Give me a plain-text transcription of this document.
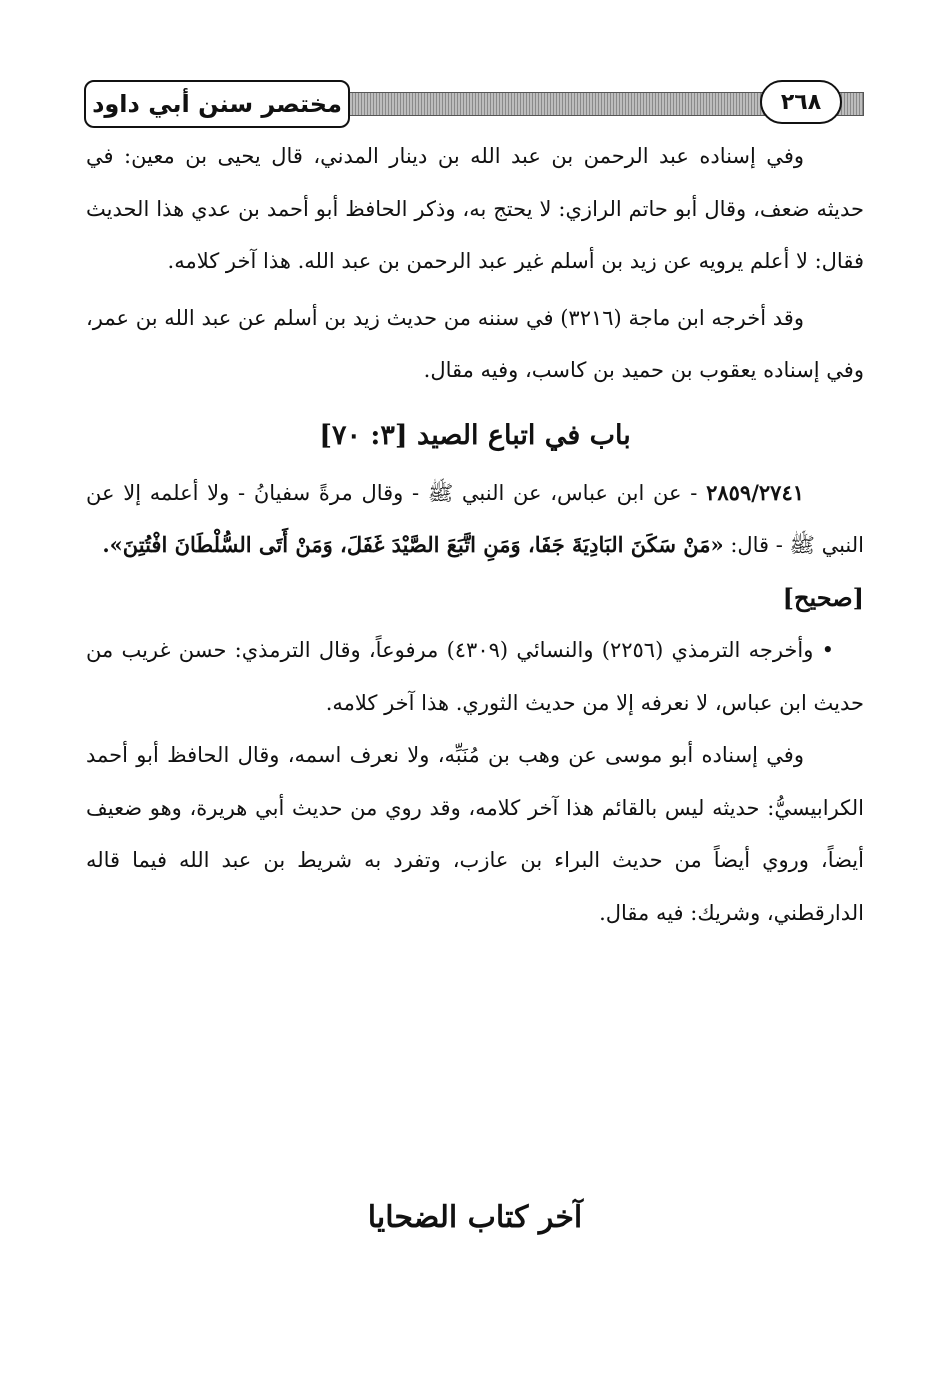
مختصر سنن أبي داود	٢٦٨

وفي إسناده عبد الرحمن بن عبد الله بن دينار المدني، قال يحيى بن معين: في حديثه ضعف، وقال أبو حاتم الرازي: لا يحتج به، وذكر الحافظ أبو أحمد بن عدي هذا الحديث فقال: لا أعلم يرويه عن زيد بن أسلم غير عبد الرحمن بن عبد الله. هذا آخر كلامه.

وقد أخرجه ابن ماجة (٣٢١٦) في سننه من حديث زيد بن أسلم عن عبد الله بن عمر، وفي إسناده يعقوب بن حميد بن كاسب، وفيه مقال.

باب في اتباع الصيد [٣: ٧٠]

٢٨٥٩/٢٧٤١ - عن ابن عباس، عن النبي ﷺ - وقال مرةً سفيانُ - ولا أعلمه إلا عن النبي ﷺ - قال: «مَنْ سَكَنَ البَادِيَةَ جَفَا، وَمَنِ اتَّبَعَ الصَّيْدَ غَفَلَ، وَمَنْ أَتَى السُّلْطَانَ افْتُتِنَ».

[صحيح]

• وأخرجه الترمذي (٢٢٥٦) والنسائي (٤٣٠٩) مرفوعاً، وقال الترمذي: حسن غريب من حديث ابن عباس، لا نعرفه إلا من حديث الثوري. هذا آخر كلامه.

وفي إسناده أبو موسى عن وهب بن مُنَبِّه، ولا نعرف اسمه، وقال الحافظ أبو أحمد الكرابيسيُّ: حديثه ليس بالقائم هذا آخر كلامه، وقد روي من حديث أبي هريرة، وهو ضعيف أيضاً، وروي أيضاً من حديث البراء بن عازب، وتفرد به شريط بن عبد الله فيما قاله الدارقطني، وشريك: فيه مقال.

آخر كتاب الضحايا
